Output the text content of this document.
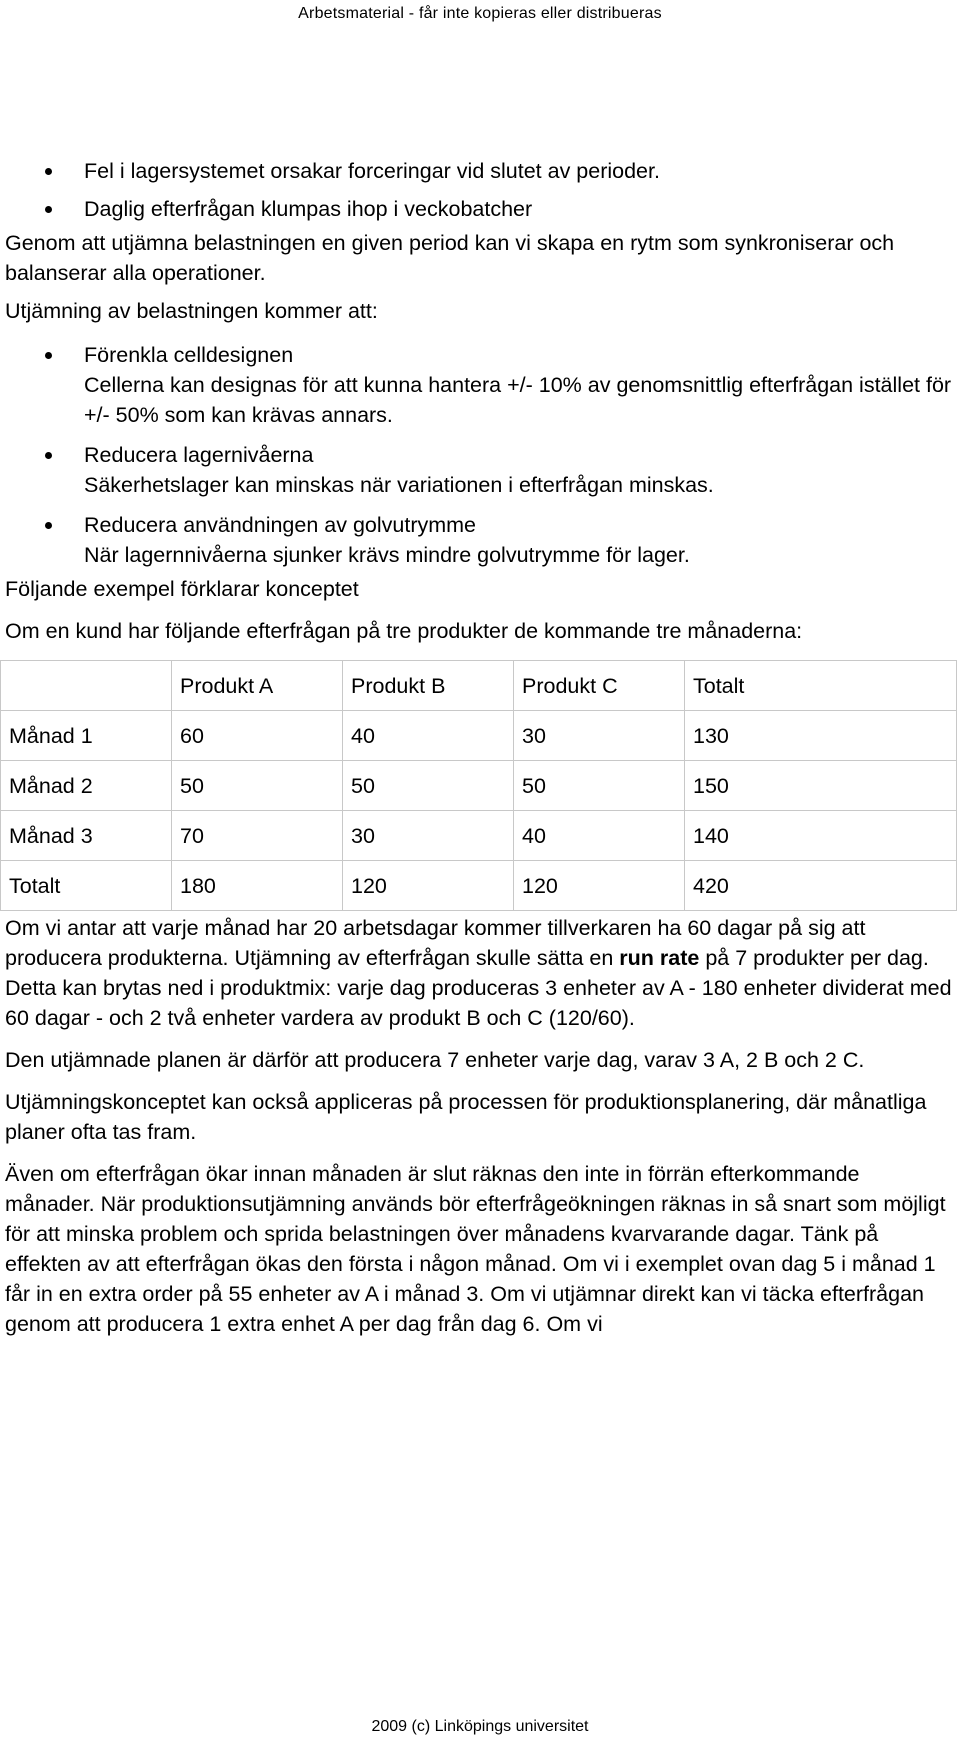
Arbetsmaterial - får inte kopieras eller distribueras
Fel i lagersystemet orsakar forceringar vid slutet av perioder.
Daglig efterfrågan klumpas ihop i veckobatcher

Genom att utjämna belastningen en given period kan vi skapa en rytm som synkroniserar och balanserar alla operationer.

Utjämning av belastningen kommer att:

Förenkla celldesignen
Cellerna kan designas för att kunna hantera +/- 10% av genomsnittlig efterfrågan istället för +/- 50% som kan krävas annars.
Reducera lagernivåerna
Säkerhetslager kan minskas när variationen i efterfrågan minskas.
Reducera användningen av golvutrymme
När lagernnivåerna sjunker krävs mindre golvutrymme för lager.

Följande exempel förklarar konceptet

Om en kund har följande efterfrågan på tre produkter de kommande tre månaderna:

	Produkt A	Produkt B	Produkt C	Totalt
Månad 1	60	40	30	130
Månad 2	50	50	50	150
Månad 3	70	30	40	140
Totalt	180	120	120	420

Om vi antar att varje månad har 20 arbetsdagar kommer tillverkaren ha 60 dagar på sig att producera produkterna. Utjämning av efterfrågan skulle sätta en run rate på 7 produkter per dag. Detta kan brytas ned i produktmix: varje dag produceras 3 enheter av A - 180 enheter dividerat med 60 dagar - och 2 två enheter vardera av produkt B och C (120/60).

Den utjämnade planen är därför att producera 7 enheter varje dag, varav 3 A, 2 B och 2 C.

Utjämningskonceptet kan också appliceras på processen för produktionsplanering, där månatliga planer ofta tas fram.

Även om efterfrågan ökar innan månaden är slut räknas den inte in förrän efterkommande månader. När produktionsutjämning används bör efterfrågeökningen räknas in så snart som möjligt för att minska problem och sprida belastningen över månadens kvarvarande dagar. Tänk på effekten av att efterfrågan ökas den första i någon månad. Om vi i exemplet ovan dag 5 i månad 1 får in en extra order på 55 enheter av A i månad 3. Om vi utjämnar direkt kan vi täcka efterfrågan genom att producera 1 extra enhet A per dag från dag 6. Om vi

2009 (c) Linköpings universitet
